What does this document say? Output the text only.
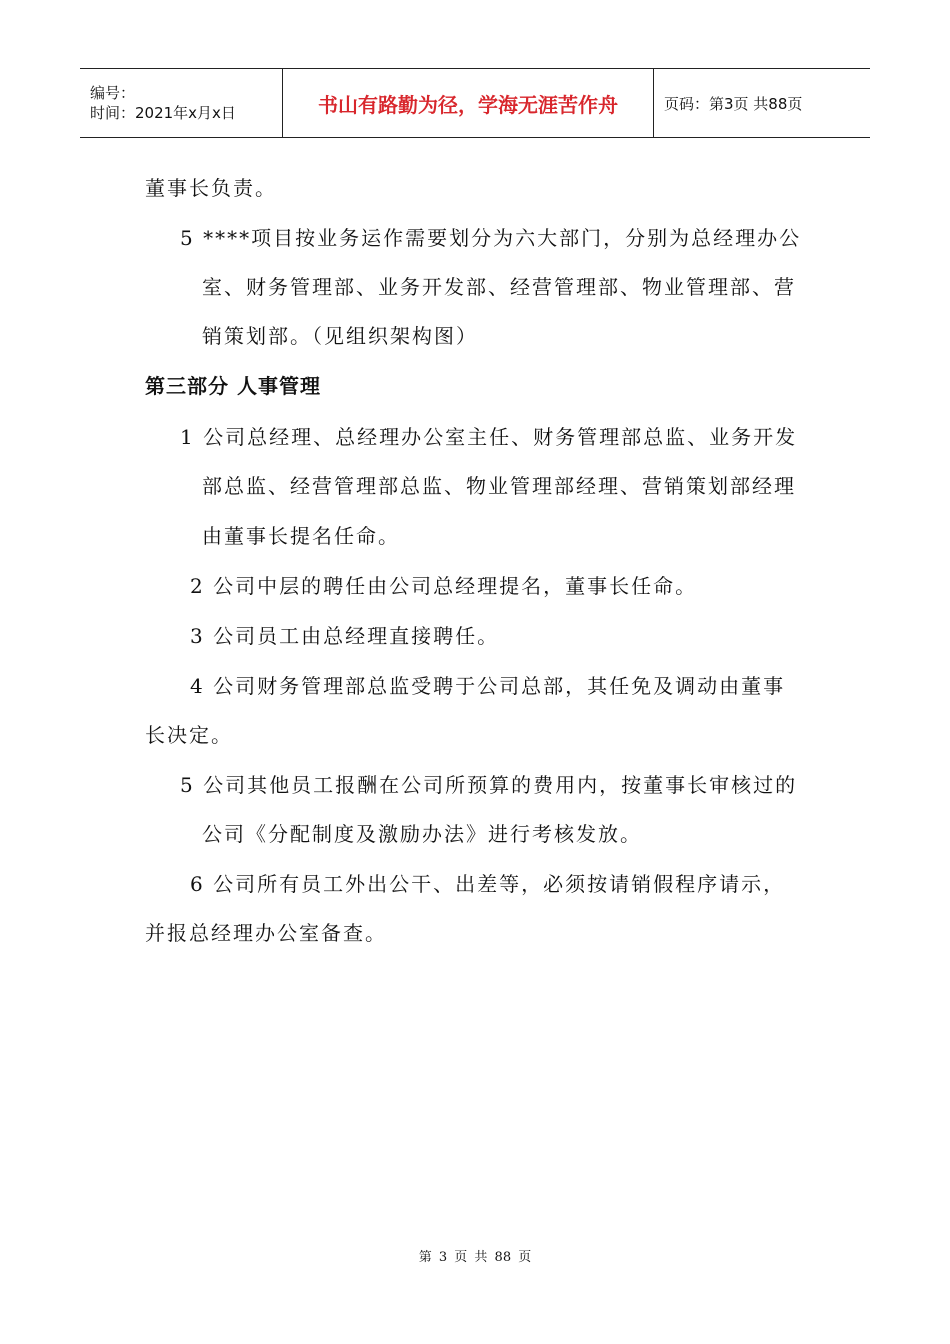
编号：
时间：2021年x月x日	书山有路勤为径，学海无涯苦作舟	页码：第3页 共88页
董事长负责。
5 ****项目按业务运作需要划分为六大部门，分别为总经理办公
室、财务管理部、业务开发部、经营管理部、物业管理部、营
销策划部。（见组织架构图）
第三部分 人事管理
1 公司总经理、总经理办公室主任、财务管理部总监、业务开发
部总监、经营管理部总监、物业管理部经理、营销策划部经理
由董事长提名任命。
2 公司中层的聘任由公司总经理提名，董事长任命。
3 公司员工由总经理直接聘任。
4 公司财务管理部总监受聘于公司总部，其任免及调动由董事
长决定。
5 公司其他员工报酬在公司所预算的费用内，按董事长审核过的
公司《分配制度及激励办法》进行考核发放。
6 公司所有员工外出公干、出差等，必须按请销假程序请示，
并报总经理办公室备查。
第 3 页 共 88 页
